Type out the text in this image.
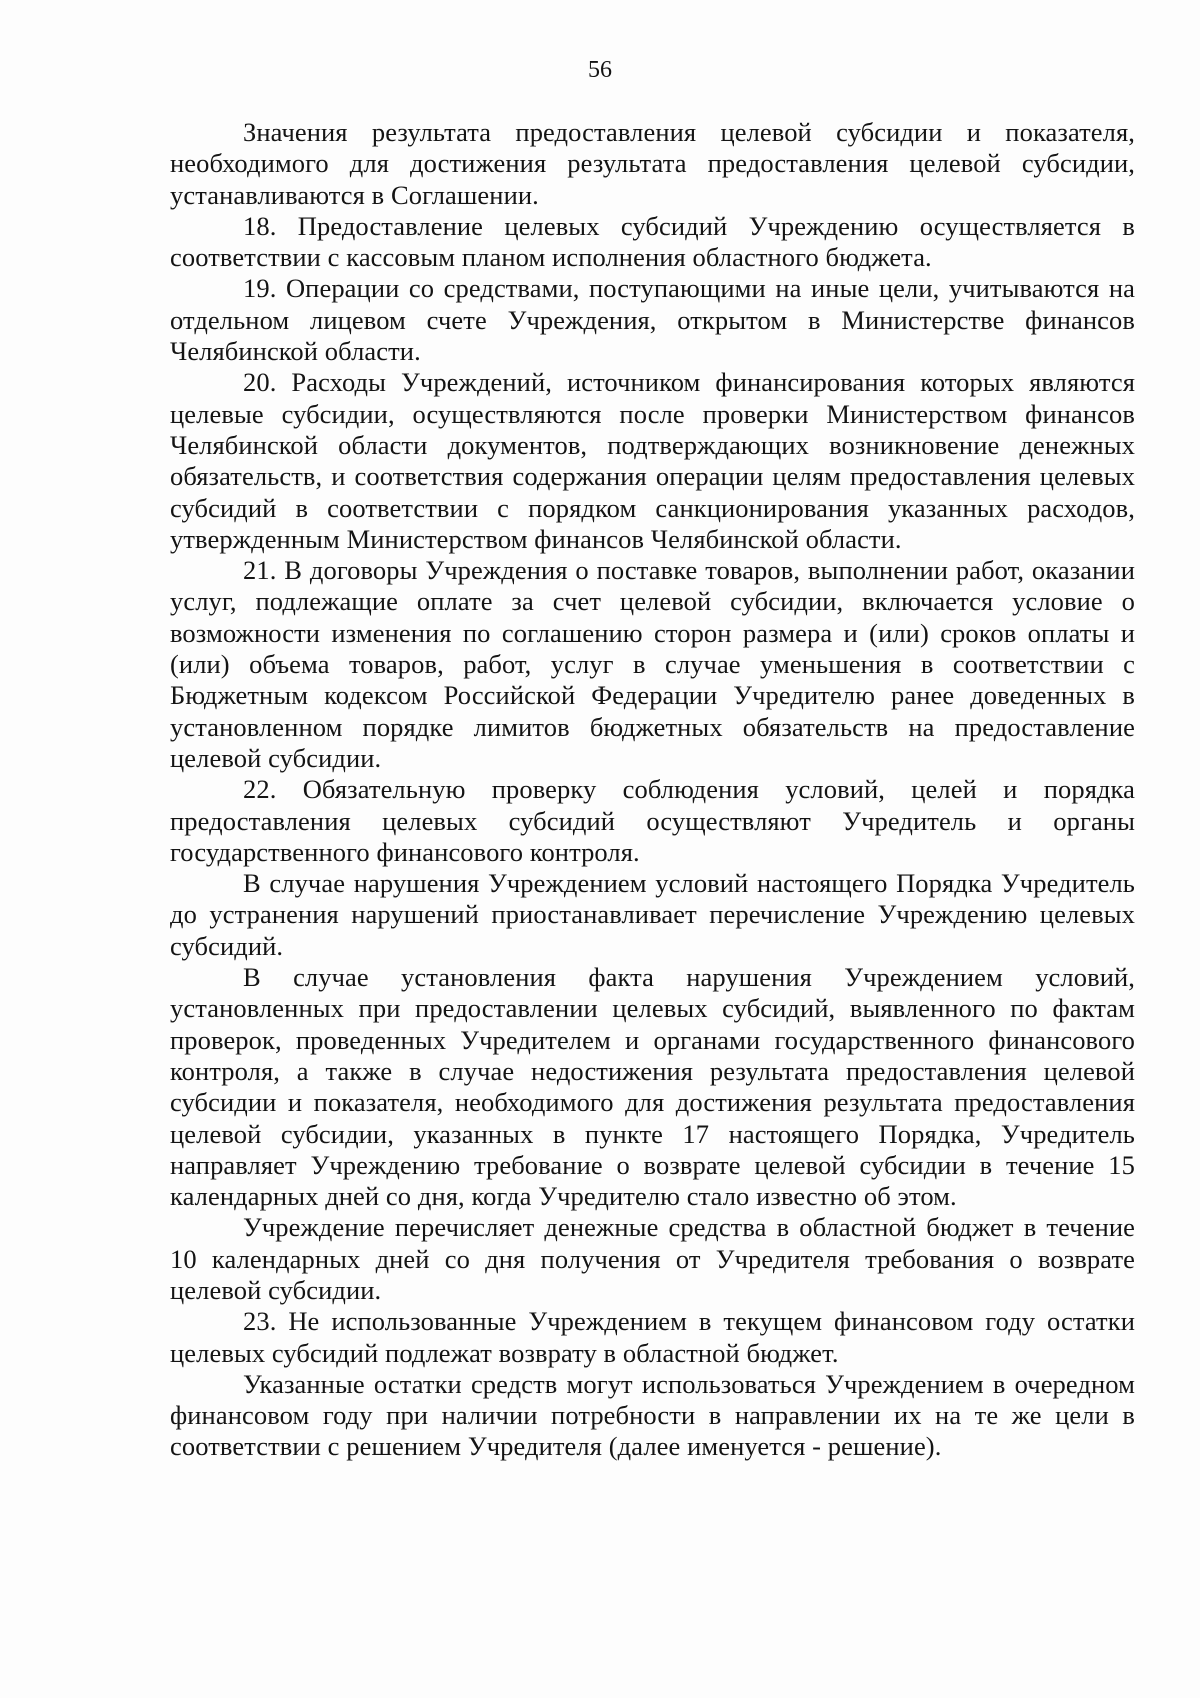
56

Значения результата предоставления целевой субсидии и показателя, необходимого для достижения результата предоставления целевой субсидии, устанавливаются в Соглашении.

18. Предоставление целевых субсидий Учреждению осуществляется в соответствии с кассовым планом исполнения областного бюджета.

19. Операции со средствами, поступающими на иные цели, учитываются на отдельном лицевом счете Учреждения, открытом в Министерстве финансов Челябинской области.

20. Расходы Учреждений, источником финансирования которых являются целевые субсидии, осуществляются после проверки Министерством финансов Челябинской области документов, подтверждающих возникновение денежных обязательств, и соответствия содержания операции целям предоставления целевых субсидий в соответствии с порядком санкционирования указанных расходов, утвержденным Министерством финансов Челябинской области.

21. В договоры Учреждения о поставке товаров, выполнении работ, оказании услуг, подлежащие оплате за счет целевой субсидии, включается условие о возможности изменения по соглашению сторон размера и (или) сроков оплаты и (или) объема товаров, работ, услуг в случае уменьшения в соответствии с Бюджетным кодексом Российской Федерации Учредителю ранее доведенных в установленном порядке лимитов бюджетных обязательств на предоставление целевой субсидии.

22. Обязательную проверку соблюдения условий, целей и порядка предоставления целевых субсидий осуществляют Учредитель и органы государственного финансового контроля.

В случае нарушения Учреждением условий настоящего Порядка Учредитель до устранения нарушений приостанавливает перечисление Учреждению целевых субсидий.

В случае установления факта нарушения Учреждением условий, установленных при предоставлении целевых субсидий, выявленного по фактам проверок, проведенных Учредителем и органами государственного финансового контроля, а также в случае недостижения результата предоставления целевой субсидии и показателя, необходимого для достижения результата предоставления целевой субсидии, указанных в пункте 17 настоящего Порядка, Учредитель направляет Учреждению требование о возврате целевой субсидии в течение 15 календарных дней со дня, когда Учредителю стало известно об этом.

Учреждение перечисляет денежные средства в областной бюджет в течение 10 календарных дней со дня получения от Учредителя требования о возврате целевой субсидии.

23. Не использованные Учреждением в текущем финансовом году остатки целевых субсидий подлежат возврату в областной бюджет.

Указанные остатки средств могут использоваться Учреждением в очередном финансовом году при наличии потребности в направлении их на те же цели в соответствии с решением Учредителя (далее именуется - решение).
